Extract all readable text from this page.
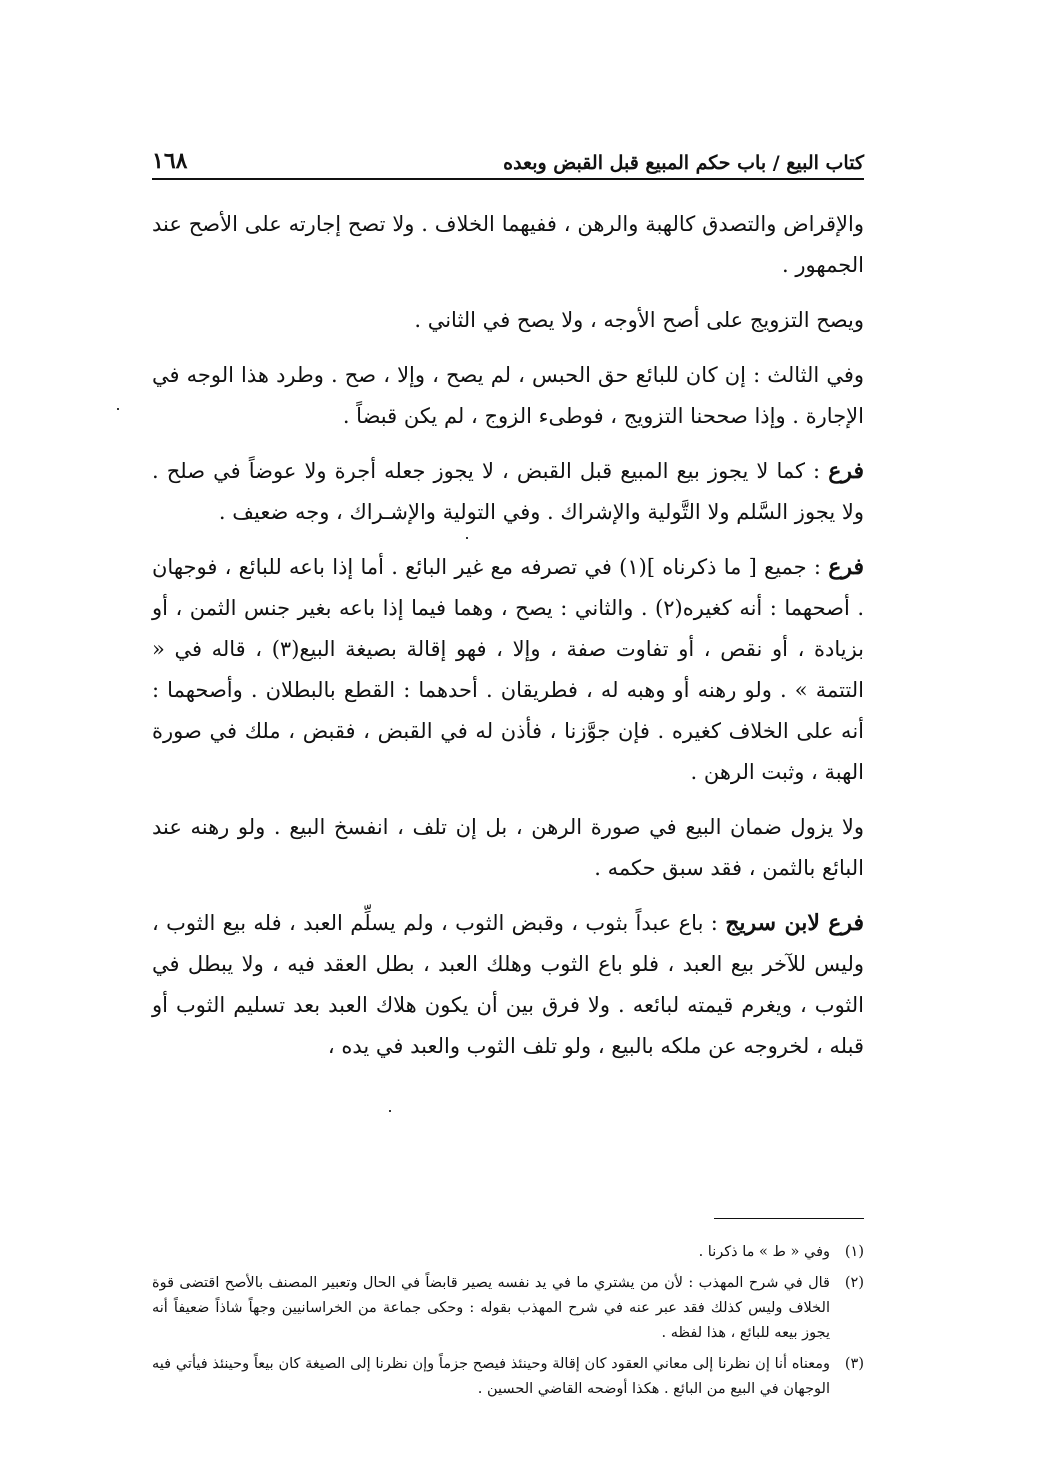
١٦٨	كتاب البيع / باب حكم المبيع قبل القبض وبعده

والإقراض والتصدق كالهبة والرهن ، ففيهما الخلاف . ولا تصح إجارته على الأصح عند الجمهور .

ويصح التزويج على أصح الأوجه ، ولا يصح في الثاني .

وفي الثالث : إن كان للبائع حق الحبس ، لم يصح ، وإلا ، صح . وطرد هذا الوجه في الإجارة . وإذا صححنا التزويج ، فوطىء الزوج ، لم يكن قبضاً .

فرع : كما لا يجوز بيع المبيع قبل القبض ، لا يجوز جعله أجرة ولا عوضاً في صلح . ولا يجوز السَّلم ولا التَّولية والإشراك . وفي التولية والإشـراك ، وجه ضعيف .

فرع : جميع [ ما ذكرناه ](١) في تصرفه مع غير البائع . أما إذا باعه للبائع ، فوجهان . أصحهما : أنه كغيره(٢) . والثاني : يصح ، وهما فيما إذا باعه بغير جنس الثمن ، أو بزيادة ، أو نقص ، أو تفاوت صفة ، وإلا ، فهو إقالة بصيغة البيع(٣) ، قاله في « التتمة » . ولو رهنه أو وهبه له ، فطريقان . أحدهما : القطع بالبطلان . وأصحهما : أنه على الخلاف كغيره . فإن جوَّزنا ، فأذن له في القبض ، فقبض ، ملك في صورة الهبة ، وثبت الرهن .

ولا يزول ضمان البيع في صورة الرهن ، بل إن تلف ، انفسخ البيع . ولو رهنه عند البائع بالثمن ، فقد سبق حكمه .

فرع لابن سريج : باع عبداً بثوب ، وقبض الثوب ، ولم يسلِّم العبد ، فله بيع الثوب ، وليس للآخر بيع العبد ، فلو باع الثوب وهلك العبد ، بطل العقد فيه ، ولا يبطل في الثوب ، ويغرم قيمته لبائعه . ولا فرق بين أن يكون هلاك العبد بعد تسليم الثوب أو قبله ، لخروجه عن ملكه بالبيع ، ولو تلف الثوب والعبد في يده ،

(١)
وفي « ط » ما ذكرنا .
(٢)
قال في شرح المهذب : لأن من يشتري ما في يد نفسه يصير قابضاً في الحال وتعبير المصنف بالأصح اقتضى قوة الخلاف وليس كذلك فقد عبر عنه في شرح المهذب بقوله : وحكى جماعة من الخراسانيين وجهاً شاذاً ضعيفاً أنه يجوز بيعه للبائع ، هذا لفظه .
(٣)
ومعناه أنا إن نظرنا إلى معاني العقود كان إقالة وحينئذ فيصح جزماً وإن نظرنا إلى الصيغة كان بيعاً وحينئذ فيأتي فيه الوجهان في البيع من البائع . هكذا أوضحه القاضي الحسين .
